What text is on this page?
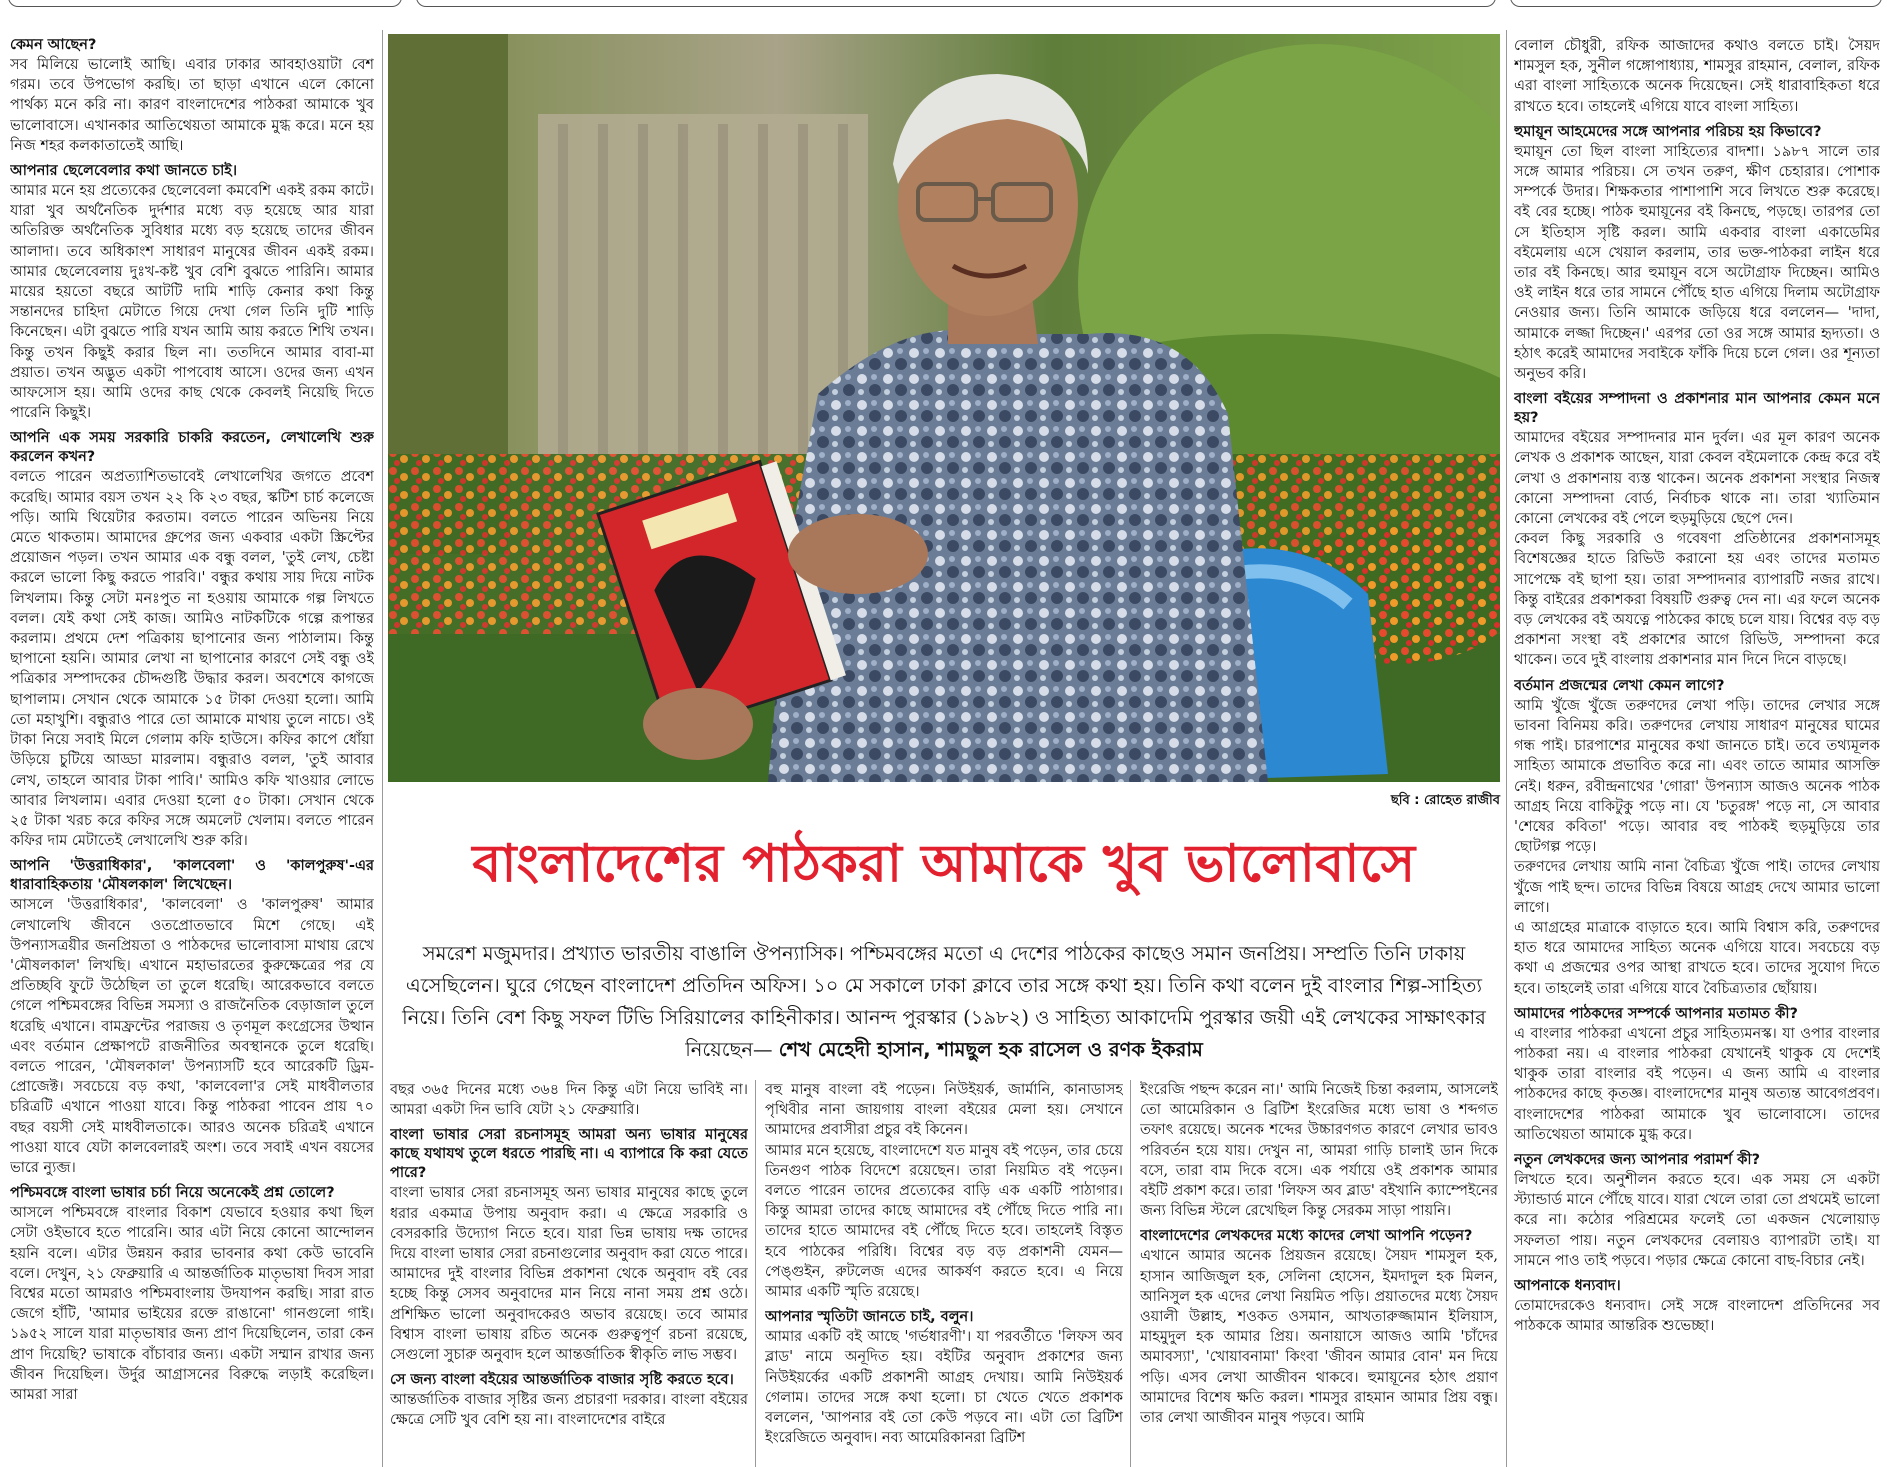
কেমন আছেন?

সব মিলিয়ে ভালোই আছি। এবার ঢাকার আবহাওয়াটা বেশ গরম। তবে উপভোগ করছি। তা ছাড়া এখানে এলে কোনো পার্থক্য মনে করি না। কারণ বাংলাদেশের পাঠকরা আমাকে খুব ভালোবাসে। এখানকার আতিথেয়তা আমাকে মুগ্ধ করে। মনে হয় নিজ শহর কলকাতাতেই আছি।

আপনার ছেলেবেলার কথা জানতে চাই।

আমার মনে হয় প্রত্যেকের ছেলেবেলা কমবেশি একই রকম কাটে। যারা খুব অর্থনৈতিক দুর্দশার মধ্যে বড় হয়েছে আর যারা অতিরিক্ত অর্থনৈতিক সুবিধার মধ্যে বড় হয়েছে তাদের জীবন আলাদা। তবে অধিকাংশ সাধারণ মানুষের জীবন একই রকম। আমার ছেলেবেলায় দুঃখ-কষ্ট খুব বেশি বুঝতে পারিনি। আমার মায়ের হয়তো বছরে আটটি দামি শাড়ি কেনার কথা কিন্তু সন্তানদের চাহিদা মেটাতে গিয়ে দেখা গেল তিনি দুটি শাড়ি কিনেছেন। এটা বুঝতে পারি যখন আমি আয় করতে শিখি তখন। কিন্তু তখন কিছুই করার ছিল না। ততদিনে আমার বাবা-মা প্রয়াত। তখন অদ্ভুত একটা পাপবোধ আসে। ওদের জন্য এখন আফসোস হয়। আমি ওদের কাছ থেকে কেবলই নিয়েছি দিতে পারেনি কিছুই।

আপনি এক সময় সরকারি চাকরি করতেন, লেখালেখি শুরু করলেন কখন?

বলতে পারেন অপ্রত্যাশিতভাবেই লেখালেখির জগতে প্রবেশ করেছি। আমার বয়স তখন ২২ কি ২৩ বছর, স্কটিশ চার্চ কলেজে পড়ি। আমি থিয়েটার করতাম। বলতে পারেন অভিনয় নিয়ে মেতে থাকতাম। আমাদের গ্রুপের জন্য একবার একটা স্ক্রিপ্টের প্রয়োজন পড়ল। তখন আমার এক বন্ধু বলল, 'তুই লেখ, চেষ্টা করলে ভালো কিছু করতে পারবি।' বন্ধুর কথায় সায় দিয়ে নাটক লিখলাম। কিন্তু সেটা মনঃপুত না হওয়ায় আমাকে গল্প লিখতে বলল। যেই কথা সেই কাজ। আমিও নাটকটিকে গল্পে রূপান্তর করলাম। প্রথমে দেশ পত্রিকায় ছাপানোর জন্য পাঠালাম। কিন্তু ছাপানো হয়নি। আমার লেখা না ছাপানোর কারণে সেই বন্ধু ওই পত্রিকার সম্পাদকের চৌদ্দগুষ্টি উদ্ধার করল। অবশেষে কাগজে ছাপালাম। সেখান থেকে আমাকে ১৫ টাকা দেওয়া হলো। আমি তো মহাখুশি। বন্ধুরাও পারে তো আমাকে মাথায় তুলে নাচে। ওই টাকা নিয়ে সবাই মিলে গেলাম কফি হাউসে। কফির কাপে ধোঁয়া উড়িয়ে চুটিয়ে আড্ডা মারলাম। বন্ধুরাও বলল, 'তুই আবার লেখ, তাহলে আবার টাকা পাবি।' আমিও কফি খাওয়ার লোভে আবার লিখলাম। এবার দেওয়া হলো ৫০ টাকা। সেখান থেকে ২৫ টাকা খরচ করে কফির সঙ্গে অমলেট খেলাম। বলতে পারেন কফির দাম মেটাতেই লেখালেখি শুরু করি।

আপনি 'উত্তরাধিকার', 'কালবেলা' ও 'কালপুরুষ'-এর ধারাবাহিকতায় 'মৌষলকাল' লিখেছেন।

আসলে 'উত্তরাধিকার', 'কালবেলা' ও 'কালপুরুষ' আমার লেখালেখি জীবনে ওতপ্রোতভাবে মিশে গেছে। এই উপন্যাসত্রয়ীর জনপ্রিয়তা ও পাঠকদের ভালোবাসা মাথায় রেখে 'মৌষলকাল' লিখছি। এখানে মহাভারতের কুরুক্ষেত্রের পর যে প্রতিচ্ছবি ফুটে উঠেছিল তা তুলে ধরেছি। আরেকভাবে বলতে গেলে পশ্চিমবঙ্গের বিভিন্ন সমস্যা ও রাজনৈতিক বেড়াজাল তুলে ধরেছি এখানে। বামফ্রন্টের পরাজয় ও তৃণমূল কংগ্রেসের উত্থান এবং বর্তমান প্রেক্ষাপটে রাজনীতির অবস্থানকে তুলে ধরেছি। বলতে পারেন, 'মৌষলকাল' উপন্যাসটি হবে আরেকটি ড্রিম-প্রোজেক্ট। সবচেয়ে বড় কথা, 'কালবেলা'র সেই মাধবীলতার চরিত্রটি এখানে পাওয়া যাবে। কিন্তু পাঠকরা পাবেন প্রায় ৭০ বছর বয়সী সেই মাধবীলতাকে। আরও অনেক চরিত্রই এখানে পাওয়া যাবে যেটা কালবেলারই অংশ। তবে সবাই এখন বয়সের ভারে ন্যুব্জ।

পশ্চিমবঙ্গে বাংলা ভাষার চর্চা নিয়ে অনেকেই প্রশ্ন তোলে?

আসলে পশ্চিমবঙ্গে বাংলার বিকাশ যেভাবে হওয়ার কথা ছিল সেটা ওইভাবে হতে পারেনি। আর এটা নিয়ে কোনো আন্দোলন হয়নি বলে। এটার উন্নয়ন করার ভাবনার কথা কেউ ভাবেনি বলে। দেখুন, ২১ ফেব্রুয়ারি এ আন্তর্জাতিক মাতৃভাষা দিবস সারা বিশ্বের মতো আমরাও পশ্চিমবাংলায় উদযাপন করছি। সারা রাত জেগে হাঁটি, 'আমার ভাইয়ের রক্তে রাঙানো' গানগুলো গাই। ১৯৫২ সালে যারা মাতৃভাষার জন্য প্রাণ দিয়েছিলেন, তারা কেন প্রাণ দিয়েছি? ভাষাকে বাঁচাবার জন্য। একটা সম্মান রাখার জন্য জীবন দিয়েছিল। উর্দুর আগ্রাসনের বিরুদ্ধে লড়াই করেছিল। আমরা সারা

ছবি : রোহেত রাজীব
বাংলাদেশের পাঠকরা আমাকে খুব ভালোবাসে
সমরেশ মজুমদার। প্রখ্যাত ভারতীয় বাঙালি ঔপন্যাসিক। পশ্চিমবঙ্গের মতো এ দেশের পাঠকের কাছেও সমান জনপ্রিয়। সম্প্রতি তিনি ঢাকায় এসেছিলেন। ঘুরে গেছেন বাংলাদেশ প্রতিদিন অফিস। ১০ মে সকালে ঢাকা ক্লাবে তার সঙ্গে কথা হয়। তিনি কথা বলেন দুই বাংলার শিল্প-সাহিত্য নিয়ে। তিনি বেশ কিছু সফল টিভি সিরিয়ালের কাহিনীকার। আনন্দ পুরস্কার (১৯৮২) ও সাহিত্য আকাদেমি পুরস্কার জয়ী এই লেখকের সাক্ষাৎকার নিয়েছেন— শেখ মেহেদী হাসান, শামছুল হক রাসেল ও রণক ইকরাম

বছর ৩৬৫ দিনের মধ্যে ৩৬৪ দিন কিন্তু এটা নিয়ে ভাবিই না। আমরা একটা দিন ভাবি যেটা ২১ ফেব্রুয়ারি।

বাংলা ভাষার সেরা রচনাসমূহ আমরা অন্য ভাষার মানুষের কাছে যথাযথ তুলে ধরতে পারছি না। এ ব্যাপারে কি করা যেতে পারে?

বাংলা ভাষার সেরা রচনাসমূহ অন্য ভাষার মানুষের কাছে তুলে ধরার একমাত্র উপায় অনুবাদ করা। এ ক্ষেত্রে সরকারি ও বেসরকারি উদ্যোগ নিতে হবে। যারা ভিন্ন ভাষায় দক্ষ তাদের দিয়ে বাংলা ভাষার সেরা রচনাগুলোর অনুবাদ করা যেতে পারে। আমাদের দুই বাংলার বিভিন্ন প্রকাশনা থেকে অনুবাদ বই বের হচ্ছে কিন্তু সেসব অনুবাদের মান নিয়ে নানা সময় প্রশ্ন ওঠে। প্রশিক্ষিত ভালো অনুবাদকেরও অভাব রয়েছে। তবে আমার বিশ্বাস বাংলা ভাষায় রচিত অনেক গুরুত্বপূর্ণ রচনা রয়েছে, সেগুলো সুচারু অনুবাদ হলে আন্তর্জাতিক স্বীকৃতি লাভ সম্ভব।

সে জন্য বাংলা বইয়ের আন্তর্জাতিক বাজার সৃষ্টি করতে হবে।

আন্তর্জাতিক বাজার সৃষ্টির জন্য প্রচারণা দরকার। বাংলা বইয়ের ক্ষেত্রে সেটি খুব বেশি হয় না। বাংলাদেশের বাইরে

বহু মানুষ বাংলা বই পড়েন। নিউইয়র্ক, জার্মানি, কানাডাসহ পৃথিবীর নানা জায়গায় বাংলা বইয়ের মেলা হয়। সেখানে আমাদের প্রবাসীরা প্রচুর বই কিনেন।

আমার মনে হয়েছে, বাংলাদেশে যত মানুষ বই পড়েন, তার চেয়ে তিনগুণ পাঠক বিদেশে রয়েছেন। তারা নিয়মিত বই পড়েন। বলতে পারেন তাদের প্রত্যেকের বাড়ি এক একটি পাঠাগার। কিন্তু আমরা তাদের কাছে আমাদের বই পৌঁছে দিতে পারি না। তাদের হাতে আমাদের বই পৌঁছে দিতে হবে। তাহলেই বিস্তৃত হবে পাঠকের পরিধি। বিশ্বের বড় বড় প্রকাশনী যেমন— পেঙ্গুইন, রুটলেজ এদের আকর্ষণ করতে হবে। এ নিয়ে আমার একটি স্মৃতি রয়েছে।

আপনার স্মৃতিটা জানতে চাই, বলুন।

আমার একটি বই আছে 'গর্ভধারণী'। যা পরবর্তীতে 'লিফস অব ব্লাড' নামে অনূদিত হয়। বইটির অনুবাদ প্রকাশের জন্য নিউইয়র্কের একটি প্রকাশনী আগ্রহ দেখায়। আমি নিউইয়র্ক গেলাম। তাদের সঙ্গে কথা হলো। চা খেতে খেতে প্রকাশক বললেন, 'আপনার বই তো কেউ পড়বে না। এটা তো ব্রিটিশ ইংরেজিতে অনুবাদ। নব্য আমেরিকানরা ব্রিটিশ

ইংরেজি পছন্দ করেন না।' আমি নিজেই চিন্তা করলাম, আসলেই তো আমেরিকান ও ব্রিটিশ ইংরেজির মধ্যে ভাষা ও শব্দগত তফাৎ রয়েছে। অনেক শব্দের উচ্চারণগত কারণে লেখার ভাবও পরিবর্তন হয়ে যায়। দেখুন না, আমরা গাড়ি চালাই ডান দিকে বসে, তারা বাম দিকে বসে। এক পর্যায়ে ওই প্রকাশক আমার বইটি প্রকাশ করে। তারা 'লিফস অব ব্লাড' বইখানি ক্যাম্পেইনের জন্য বিভিন্ন স্টলে রেখেছিল কিন্তু সেরকম সাড়া পায়নি।

বাংলাদেশের লেখকদের মধ্যে কাদের লেখা আপনি পড়েন?

এখানে আমার অনেক প্রিয়জন রয়েছে। সৈয়দ শামসুল হক, হাসান আজিজুল হক, সেলিনা হোসেন, ইমদাদুল হক মিলন, আনিসুল হক এদের লেখা নিয়মিত পড়ি। প্রয়াতদের মধ্যে সৈয়দ ওয়ালী উল্লাহ, শওকত ওসমান, আখতারুজ্জামান ইলিয়াস, মাহমুদুল হক আমার প্রিয়। অনায়াসে আজও আমি 'চাঁদের অমাবস্যা', 'খোয়াবনামা' কিংবা 'জীবন আমার বোন' মন দিয়ে পড়ি। এসব লেখা আজীবন থাকবে। হুমায়ূনের হঠাৎ প্রয়াণ আমাদের বিশেষ ক্ষতি করল। শামসুর রাহমান আমার প্রিয় বন্ধু। তার লেখা আজীবন মানুষ পড়বে। আমি

বেলাল চৌধুরী, রফিক আজাদের কথাও বলতে চাই। সৈয়দ শামসুল হক, সুনীল গঙ্গোপাধ্যায়, শামসুর রাহমান, বেলাল, রফিক এরা বাংলা সাহিত্যকে অনেক দিয়েছেন। সেই ধারাবাহিকতা ধরে রাখতে হবে। তাহলেই এগিয়ে যাবে বাংলা সাহিত্য।

হুমায়ূন আহমেদের সঙ্গে আপনার পরিচয় হয় কিভাবে?

হুমায়ূন তো ছিল বাংলা সাহিত্যের বাদশা। ১৯৮৭ সালে তার সঙ্গে আমার পরিচয়। সে তখন তরুণ, ক্ষীণ চেহারার। পোশাক সম্পর্কে উদার। শিক্ষকতার পাশাপাশি সবে লিখতে শুরু করেছে। বই বের হচ্ছে। পাঠক হুমায়ূনের বই কিনছে, পড়ছে। তারপর তো সে ইতিহাস সৃষ্টি করল। আমি একবার বাংলা একাডেমির বইমেলায় এসে খেয়াল করলাম, তার ভক্ত-পাঠকরা লাইন ধরে তার বই কিনছে। আর হুমায়ূন বসে অটোগ্রাফ দিচ্ছেন। আমিও ওই লাইন ধরে তার সামনে পৌঁছে হাত এগিয়ে দিলাম অটোগ্রাফ নেওয়ার জন্য। তিনি আমাকে জড়িয়ে ধরে বললেন— 'দাদা, আমাকে লজ্জা দিচ্ছেন।' এরপর তো ওর সঙ্গে আমার হৃদ্যতা। ও হঠাৎ করেই আমাদের সবাইকে ফাঁকি দিয়ে চলে গেল। ওর শূন্যতা অনুভব করি।

বাংলা বইয়ের সম্পাদনা ও প্রকাশনার মান আপনার কেমন মনে হয়?

আমাদের বইয়ের সম্পাদনার মান দুর্বল। এর মূল কারণ অনেক লেখক ও প্রকাশক আছেন, যারা কেবল বইমেলাকে কেন্দ্র করে বই লেখা ও প্রকাশনায় ব্যস্ত থাকেন। অনেক প্রকাশনা সংস্থার নিজস্ব কোনো সম্পাদনা বোর্ড, নির্বাচক থাকে না। তারা খ্যাতিমান কোনো লেখকের বই পেলে হুড়মুড়িয়ে ছেপে দেন।

কেবল কিছু সরকারি ও গবেষণা প্রতিষ্ঠানের প্রকাশনাসমূহ বিশেষজ্ঞের হাতে রিভিউ করানো হয় এবং তাদের মতামত সাপেক্ষে বই ছাপা হয়। তারা সম্পাদনার ব্যাপারটি নজর রাখে। কিন্তু বাইরের প্রকাশকরা বিষয়টি গুরুত্ব দেন না। এর ফলে অনেক বড় লেখকের বই অযত্নে পাঠকের কাছে চলে যায়। বিশ্বের বড় বড় প্রকাশনা সংস্থা বই প্রকাশের আগে রিভিউ, সম্পাদনা করে থাকেন। তবে দুই বাংলায় প্রকাশনার মান দিনে দিনে বাড়ছে।

বর্তমান প্রজন্মের লেখা কেমন লাগে?

আমি খুঁজে খুঁজে তরুণদের লেখা পড়ি। তাদের লেখার সঙ্গে ভাবনা বিনিময় করি। তরুণদের লেখায় সাধারণ মানুষের ঘামের গন্ধ পাই। চারপাশের মানুষের কথা জানতে চাই। তবে তথ্যমূলক সাহিত্য আমাকে প্রভাবিত করে না। এবং তাতে আমার আসক্তি নেই। ধরুন, রবীন্দ্রনাথের 'গোরা' উপন্যাস আজও অনেক পাঠক আগ্রহ নিয়ে বাকিটুকু পড়ে না। যে 'চতুরঙ্গ' পড়ে না, সে আবার 'শেষের কবিতা' পড়ে। আবার বহু পাঠকই হুড়মুড়িয়ে তার ছোটগল্প পড়ে।

তরুণদের লেখায় আমি নানা বৈচিত্র্য খুঁজে পাই। তাদের লেখায় খুঁজে পাই ছন্দ। তাদের বিভিন্ন বিষয়ে আগ্রহ দেখে আমার ভালো লাগে।

এ আগ্রহের মাত্রাকে বাড়াতে হবে। আমি বিশ্বাস করি, তরুণদের হাত ধরে আমাদের সাহিত্য অনেক এগিয়ে যাবে। সবচেয়ে বড় কথা এ প্রজন্মের ওপর আস্থা রাখতে হবে। তাদের সুযোগ দিতে হবে। তাহলেই তারা এগিয়ে যাবে বৈচিত্র্যতার ছোঁয়ায়।

আমাদের পাঠকদের সম্পর্কে আপনার মতামত কী?

এ বাংলার পাঠকরা এখনো প্রচুর সাহিত্যমনস্ক। যা ওপার বাংলার পাঠকরা নয়। এ বাংলার পাঠকরা যেখানেই থাকুক যে দেশেই থাকুক তারা বাংলার বই পড়েন। এ জন্য আমি এ বাংলার পাঠকদের কাছে কৃতজ্ঞ। বাংলাদেশের মানুষ অত্যন্ত আবেগপ্রবণ। বাংলাদেশের পাঠকরা আমাকে খুব ভালোবাসে। তাদের আতিথেয়তা আমাকে মুগ্ধ করে।

নতুন লেখকদের জন্য আপনার পরামর্শ কী?

লিখতে হবে। অনুশীলন করতে হবে। এক সময় সে একটা স্ট্যান্ডার্ড মানে পৌঁছে যাবে। যারা খেলে তারা তো প্রথমেই ভালো করে না। কঠোর পরিশ্রমের ফলেই তো একজন খেলোয়াড় সফলতা পায়। নতুন লেখকদের বেলায়ও ব্যাপারটা তাই। যা সামনে পাও তাই পড়বে। পড়ার ক্ষেত্রে কোনো বাছ-বিচার নেই।

আপনাকে ধন্যবাদ।

তোমাদেরকেও ধন্যবাদ। সেই সঙ্গে বাংলাদেশ প্রতিদিনের সব পাঠককে আমার আন্তরিক শুভেচ্ছা।
